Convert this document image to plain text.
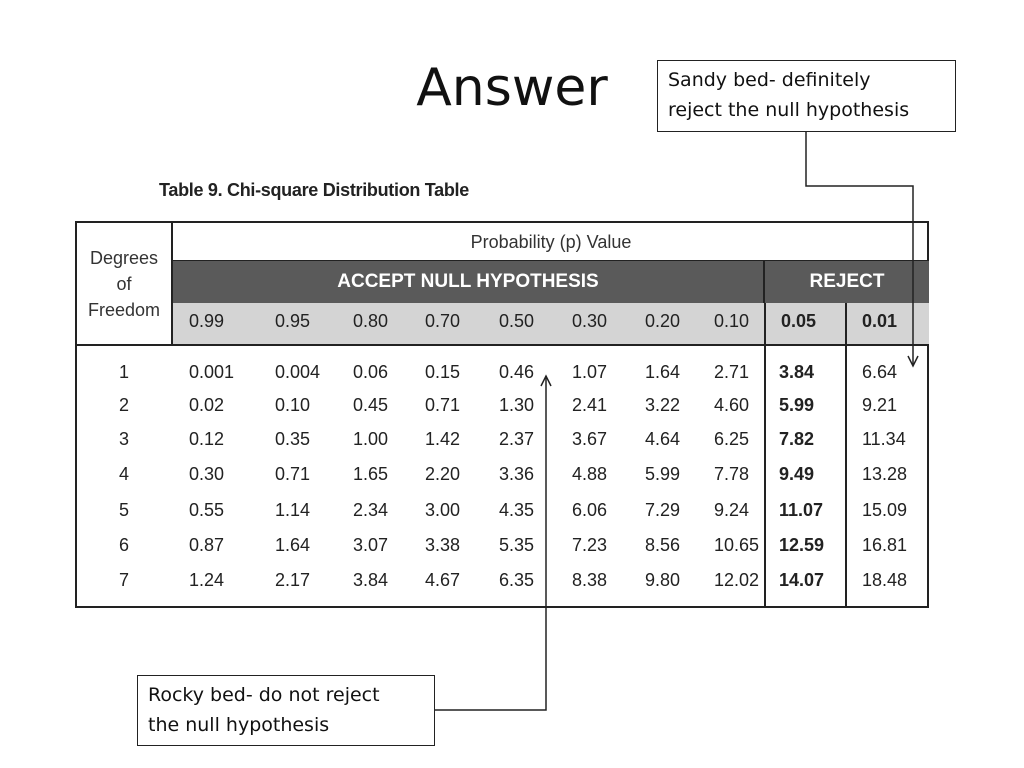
Answer	Sandy bed- definitely
reject the null hypothesis
Table 9. Chi-square Distribution Table
Degrees
of
Freedom
Probability (p) Value
ACCEPT NULL HYPOTHESIS	REJECT
0.99	0.95 0.80 0.70 0.50 0.30 0.20 0.10 0.05	0.01
1	0.001 0.004 0.06 0.15 0.46 1.07 1.64 2.71 3.84	6.64
2	0.02	0.10 0.45 0.71 1.30 2.41 3.22 4.60 5.99	9.21
3	0.12	0.35 1.00 1.42 2.37 3.67 4.64 6.25 7.82	11.34
4	0.30	0.71 1.65 2.20 3.36 4.88 5.99 7.78 9.49	13.28
5	0.55	1.14 2.34 3.00 4.35 6.06 7.29 9.24 11.07 15.09
6	0.87	1.64 3.07 3.38 5.35 7.23 8.56 10.65 12.59 16.81
7	1.24	2.17 3.84 4.67 6.35 8.38 9.80 12.02 14.07 18.48
Rocky bed- do not reject
the null hypothesis
